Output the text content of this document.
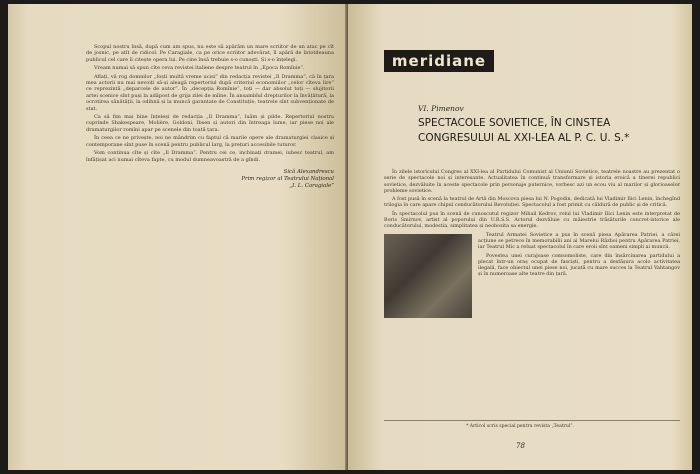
Scopul nostru însă, după cum am spus, nu este să apărăm un mare scriitor de un atac pe cît de josnic, pe atît de ridicol. Pe Caragiale, ca pe orice scriitor adevărat, îl apără de întotdeauna publicul cel care îi citește opera lui. Pe cine însă trebuie s-o cunoști. Și s-o înțelegi.

Vream numai să spun cîte ceva revistei italiene despre teatrul în „Epoca Romînie”.

Aflați, vă rog domnilor „foști multă vreme ucisi” din redacția revistei „Il Dramma”, că în țara mea actorii nu mai nevoiți să-și aleagă repertoriul după criteriul economiilor „celor cîteva lire” ce reprezintă „deparcele de autor”. În „decepția Romînie”, toți — dar absolut toți — slujitorii artei scenice sînt puși la adăpost de grija zilei de mîine. În ansamblul drepturilor la învățătură, la ocrotirea sănătății, la odihnă și la muncă garantate de Constituție, teatrele sînt subvenționate de stat.

Ca să fim mai bine înțeleși de redacția „Il Dramma”, luăm și pilde. Repertoriul nostru cuprinde Shakespeare, Molière, Goldoni, Ibsen și autori din întreaga lume, iar piese noi ale dramaturgilor romîni apar pe scenele din toată țara.

În ceea ce ne privește, noi ne mândrim cu faptul că marile opere ale dramaturgiei clasice și contemporane sînt puse în scenă pentru publicul larg, la prețuri accesibile tuturor.

Vom continua cîte și cîte „Il Dramma”. Pentru cei ce, inchinați dramei, iubesc teatrul, am înfățișat aci numai cîteva fapte, cu modul dumneavoastră de a gîndi.

Sică Alexandrescu
Prim regizor al Teatrului Național
„I. L. Caragiale”
meridiane
VI. Pimenov
SPECTACOLE SOVIETICE, ÎN CINSTEA
CONGRESULUI AL XXI-LEA AL P. C. U. S.*

În zilele istoricului Congres al XXI-lea al Partidului Comunist al Uniunii Sovietice, teatrele noastre au prezentat o serie de spectacole noi și interesante. Actualitatea în continuă transformare și istoria eroică a tinerei republici sovietice, dezvăluite în aceste spectacole prin personaje puternice, vorbesc azi un ecou viu al marilor și glorioaselor probleme sovietice.

A fost pusă în scenă la teatrul de Artă din Moscova piesa lui N. Pogodin, dedicată lui Vladimir Ilici Lenin, închegînd trilogia în care apare chipul conducătorului Revoluției. Spectacolul a fost primit cu căldură de public și de critică.

În spectacolul pus în scenă de cunoscutul regizor Mihail Kedrov, rolul lui Vladimir Ilici Lenin este interpretat de Boris Smirnov, artist al poporului din U.R.S.S. Actorul dezvăluie cu măiestrie trăsăturile concret-istorice ale conducătorului, modestia, simplitatea și neobosita sa energie.

Teatrul Armatei Sovietice a pus în scenă piesa Apărarea Patriei, a cărei acțiune se petrece în memorabilii ani ai Marelui Război pentru Apărarea Patriei, iar Teatrul Mic a reluat spectacolul în care eroii sînt oameni simpli ai muncii.

Povestea unei curajoase comsomoliste, care din însărcinarea partidului a plecat într-un oraș ocupat de fasciști, pentru a desfășura acolo activitatea ilegală, face obiectul unei piese noi, jucată cu mare succes la Teatrul Vahtangov și în numeroase alte teatre din țară.

* Articol scris special pentru revista „Teatrul”.
78
